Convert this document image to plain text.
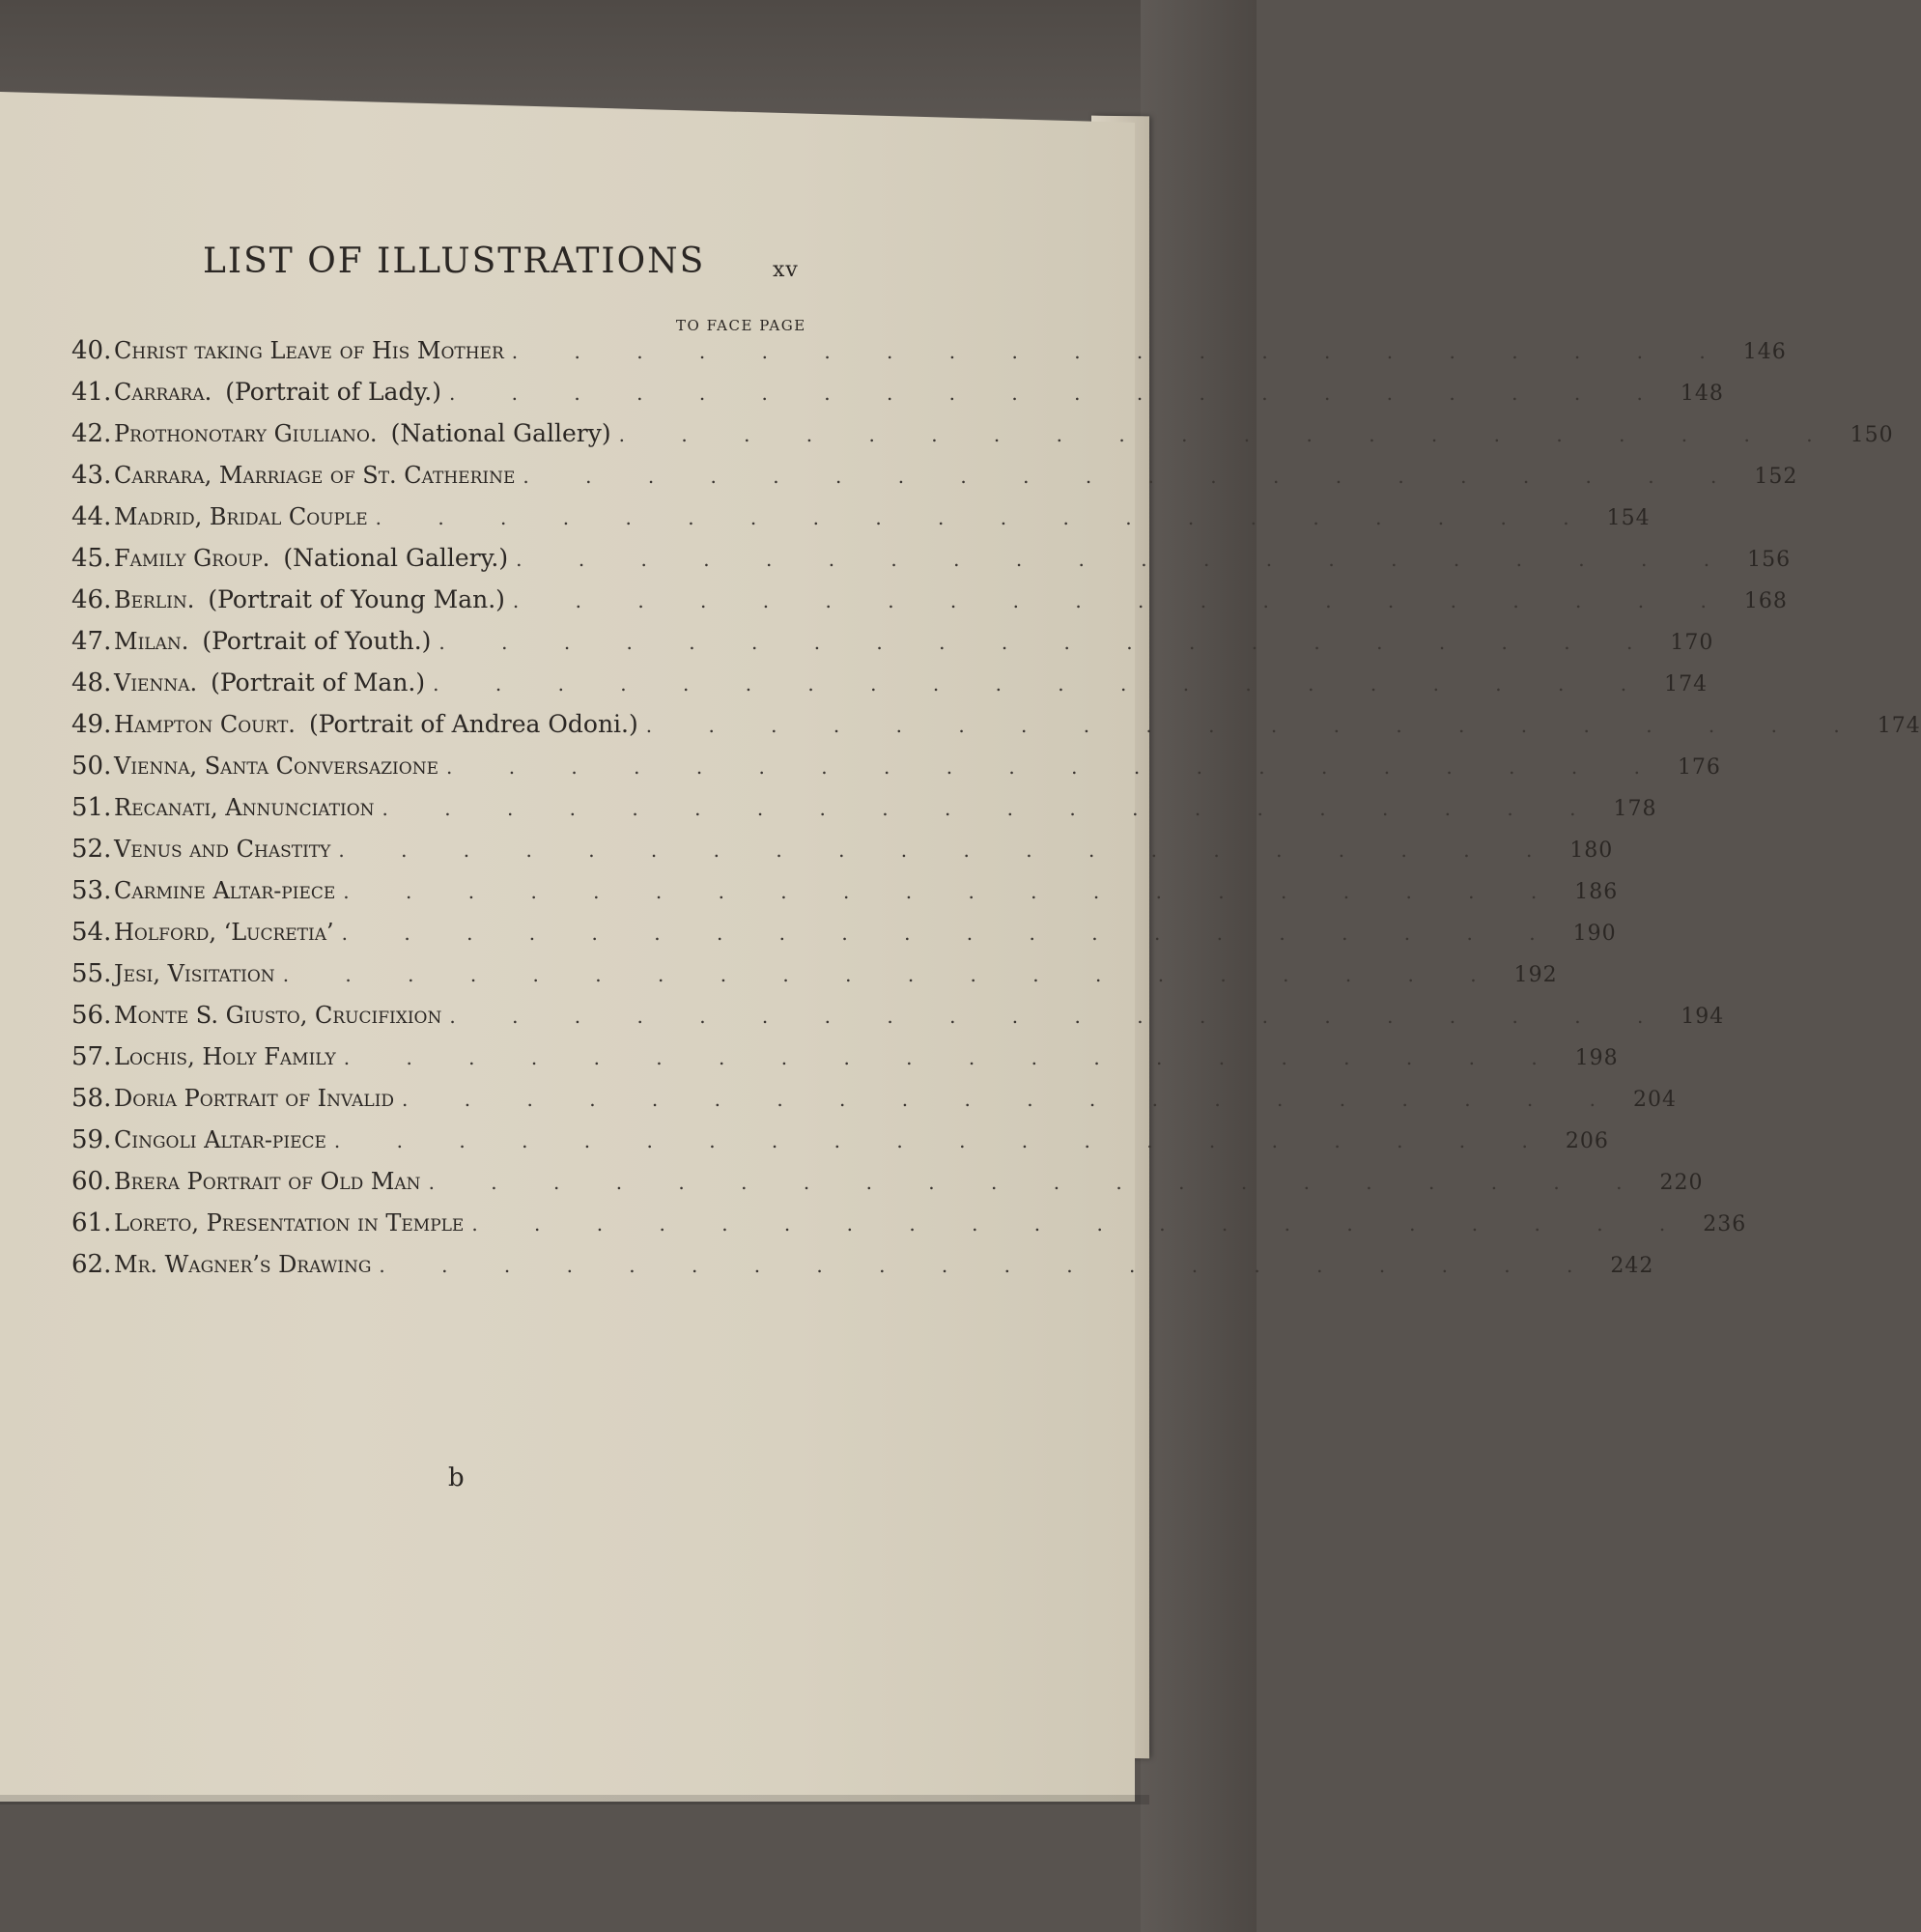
LIST OF ILLUSTRATIONS	xv
TO FACE PAGE
40. Christ taking Leave of His Mother . . . . . . . . . . . . . . . . . . . . 146
41. Carrara. (Portrait of Lady.) . . . . . . . . . . . . . . . . . . . . 148
42. Prothonotary Giuliano. (National Gallery) . . . . . . . . . . . . . . . . . . . . 150
43. Carrara, Marriage of St. Catherine . . . . . . . . . . . . . . . . . . . . 152
44. Madrid, Bridal Couple . . . . . . . . . . . . . . . . . . . . 154
45. Family Group. (National Gallery.) . . . . . . . . . . . . . . . . . . . . 156
46. Berlin. (Portrait of Young Man.) . . . . . . . . . . . . . . . . . . . . 168
47. Milan. (Portrait of Youth.) . . . . . . . . . . . . . . . . . . . . 170
48. Vienna. (Portrait of Man.) . . . . . . . . . . . . . . . . . . . . 174
49. Hampton Court. (Portrait of Andrea Odoni.) . . . . . . . . . . . . . . . . . . . . 174
50. Vienna, Santa Conversazione . . . . . . . . . . . . . . . . . . . . 176
51. Recanati, Annunciation . . . . . . . . . . . . . . . . . . . . 178
52. Venus and Chastity . . . . . . . . . . . . . . . . . . . . 180
53. Carmine Altar-piece . . . . . . . . . . . . . . . . . . . . 186
54. Holford, ‘Lucretia’ . . . . . . . . . . . . . . . . . . . . 190
55. Jesi, Visitation . . . . . . . . . . . . . . . . . . . . 192
56. Monte S. Giusto, Crucifixion . . . . . . . . . . . . . . . . . . . . 194
57. Lochis, Holy Family . . . . . . . . . . . . . . . . . . . . 198
58. Doria Portrait of Invalid . . . . . . . . . . . . . . . . . . . . 204
59. Cingoli Altar-piece . . . . . . . . . . . . . . . . . . . . 206
60. Brera Portrait of Old Man . . . . . . . . . . . . . . . . . . . . 220
61. Loreto, Presentation in Temple . . . . . . . . . . . . . . . . . . . . 236
62. Mr. Wagner’s Drawing . . . . . . . . . . . . . . . . . . . . 242
b
